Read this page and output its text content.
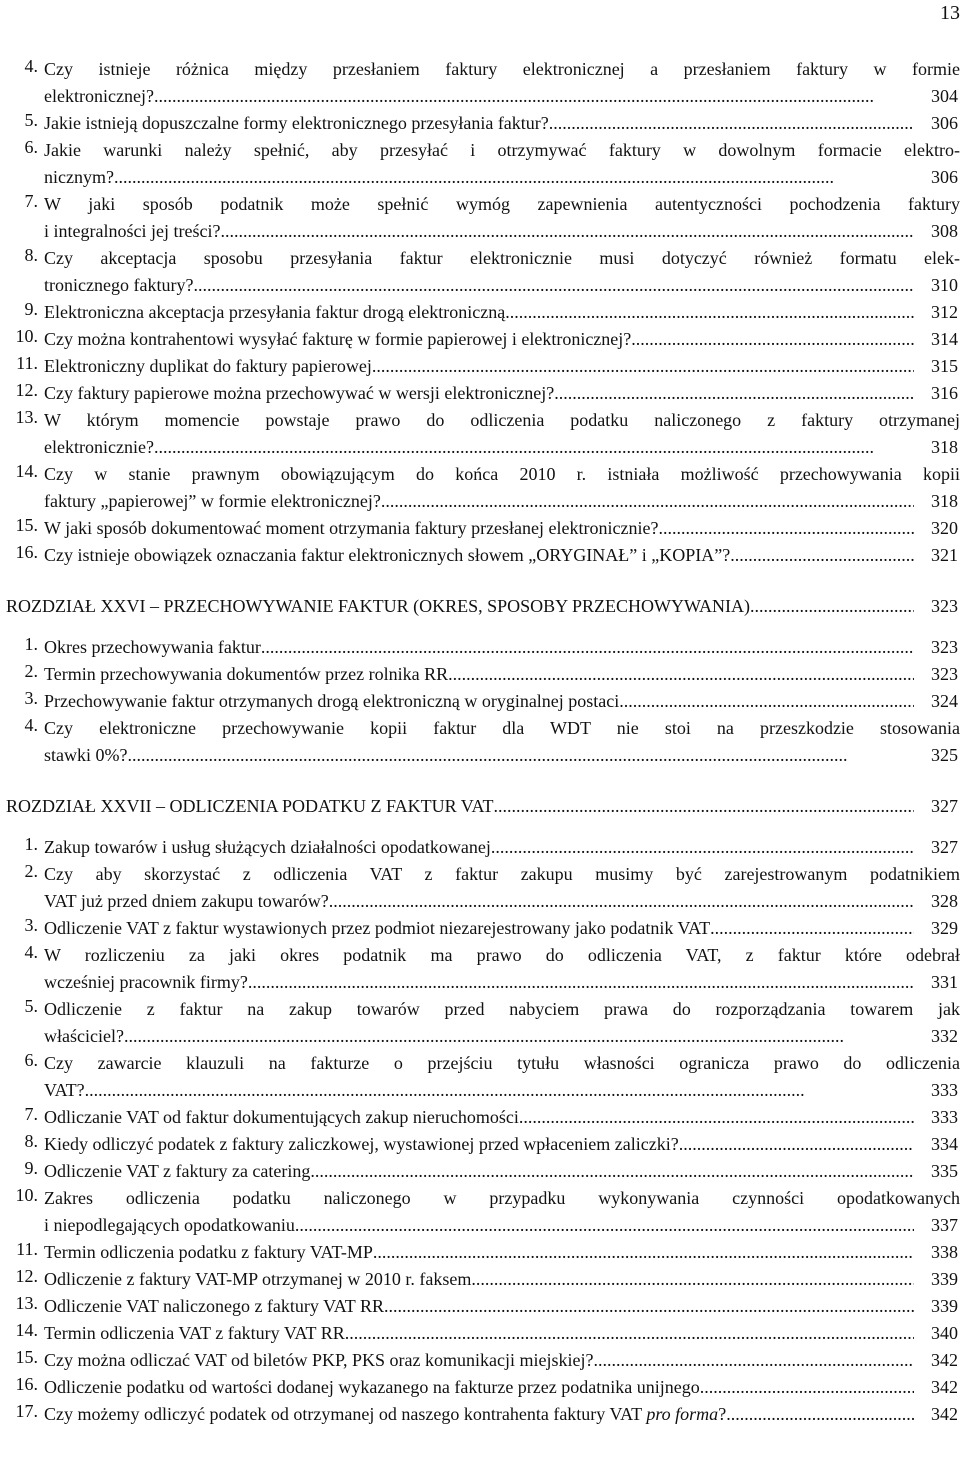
13
4. Czy istnieje różnica między przesłaniem faktury elektronicznej a przesłaniem faktury w formie
elektronicznej? .....	304
5. Jakie istnieją dopuszczalne formy elektronicznego przesyłania faktur? .....	306
6. Jakie warunki należy spełnić, aby przesyłać i otrzymywać faktury w dowolnym formacie elektro-
nicznym? .....	306
7. W jaki sposób podatnik może spełnić wymóg zapewnienia autentyczności pochodzenia faktury
i integralności jej treści? .....	308
8. Czy akceptacja sposobu przesyłania faktur elektronicznie musi dotyczyć również formatu elek-
tronicznego faktury? .....	310
9. Elektroniczna akceptacja przesyłania faktur drogą elektroniczną .....	312
10. Czy można kontrahentowi wysyłać fakturę w formie papierowej i elektronicznej? .....	314
11. Elektroniczny duplikat do faktury papierowej .....	315
12. Czy faktury papierowe można przechowywać w wersji elektronicznej? .....	316
13. W którym momencie powstaje prawo do odliczenia podatku naliczonego z faktury otrzymanej
elektronicznie? .....	318
14. Czy w stanie prawnym obowiązującym do końca 2010 r. istniała możliwość przechowywania kopii
faktury „papierowej” w formie elektronicznej? .....	318
15. W jaki sposób dokumentować moment otrzymania faktury przesłanej elektronicznie? .....	320
16. Czy istnieje obowiązek oznaczania faktur elektronicznych słowem „ORYGINAŁ” i „KOPIA”? .....	321
ROZDZIAŁ XXVI – PRZECHOWYWANIE FAKTUR (OKRES, SPOSOBY PRZECHOWYWANIA) .....	323
1. Okres przechowywania faktur .....	323
2. Termin przechowywania dokumentów przez rolnika RR .....	323
3. Przechowywanie faktur otrzymanych drogą elektroniczną w oryginalnej postaci .....	324
4. Czy elektroniczne przechowywanie kopii faktur dla WDT nie stoi na przeszkodzie stosowania
stawki 0%? .....	325
ROZDZIAŁ XXVII – ODLICZENIA PODATKU Z FAKTUR VAT .....	327
1. Zakup towarów i usług służących działalności opodatkowanej .....	327
2. Czy aby skorzystać z odliczenia VAT z faktur zakupu musimy być zarejestrowanym podatnikiem
VAT już przed dniem zakupu towarów? .....	328
3. Odliczenie VAT z faktur wystawionych przez podmiot niezarejestrowany jako podatnik VAT .....	329
4. W rozliczeniu za jaki okres podatnik ma prawo do odliczenia VAT, z faktur które odebrał
wcześniej pracownik firmy? .....	331
5. Odliczenie z faktur na zakup towarów przed nabyciem prawa do rozporządzania towarem jak
właściciel? .....	332
6. Czy zawarcie klauzuli na fakturze o przejściu tytułu własności ogranicza prawo do odliczenia
VAT? .....	333
7. Odliczanie VAT od faktur dokumentujących zakup nieruchomości .....	333
8. Kiedy odliczyć podatek z faktury zaliczkowej, wystawionej przed wpłaceniem zaliczki? .....	334
9. Odliczenie VAT z faktury za catering .....	335
10. Zakres odliczenia podatku naliczonego w przypadku wykonywania czynności opodatkowanych
i niepodlegających opodatkowaniu .....	337
11. Termin odliczenia podatku z faktury VAT-MP .....	338
12. Odliczenie z faktury VAT-MP otrzymanej w 2010 r. faksem .....	339
13. Odliczenie VAT naliczonego z faktury VAT RR .....	339
14. Termin odliczenia VAT z faktury VAT RR .....	340
15. Czy można odliczać VAT od biletów PKP, PKS oraz komunikacji miejskiej? .....	342
16. Odliczenie podatku od wartości dodanej wykazanego na fakturze przez podatnika unijnego .....	342
17. Czy możemy odliczyć podatek od otrzymanej od naszego kontrahenta faktury VAT pro forma? .....	342
